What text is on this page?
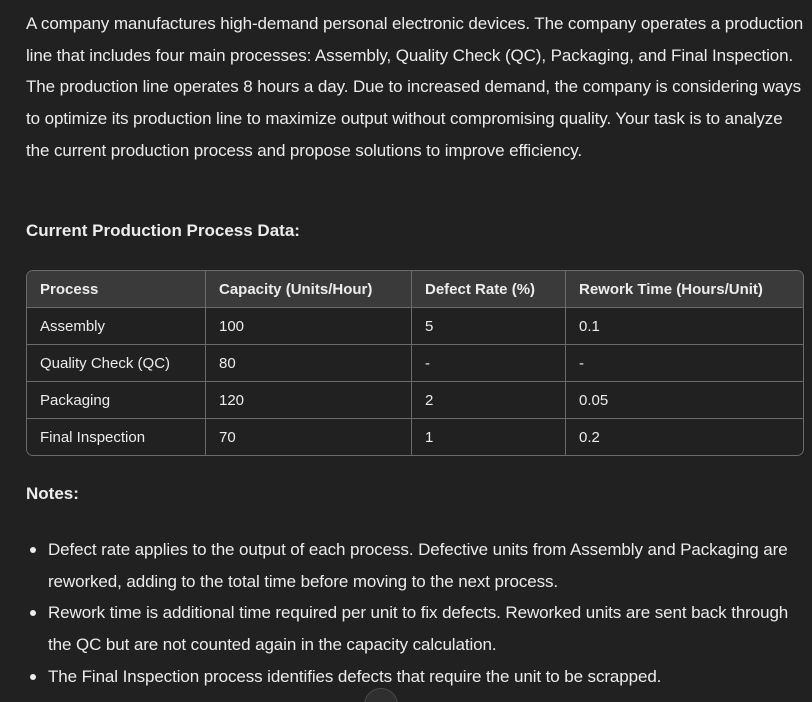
A company manufactures high-demand personal electronic devices. The company operates a production line that includes four main processes: Assembly, Quality Check (QC), Packaging, and Final Inspection. The production line operates 8 hours a day. Due to increased demand, the company is considering ways to optimize its production line to maximize output without compromising quality. Your task is to analyze the current production process and propose solutions to improve efficiency.

Current Production Process Data:

Process	Capacity (Units/Hour)	Defect Rate (%)	Rework Time (Hours/Unit)
Assembly	100	5	0.1
Quality Check (QC)	80	-	-
Packaging	120	2	0.05
Final Inspection	70	1	0.2

Notes:

Defect rate applies to the output of each process. Defective units from Assembly and Packaging are reworked, adding to the total time before moving to the next process.
Rework time is additional time required per unit to fix defects. Reworked units are sent back through the QC but are not counted again in the capacity calculation.
The Final Inspection process identifies defects that require the unit to be scrapped.
